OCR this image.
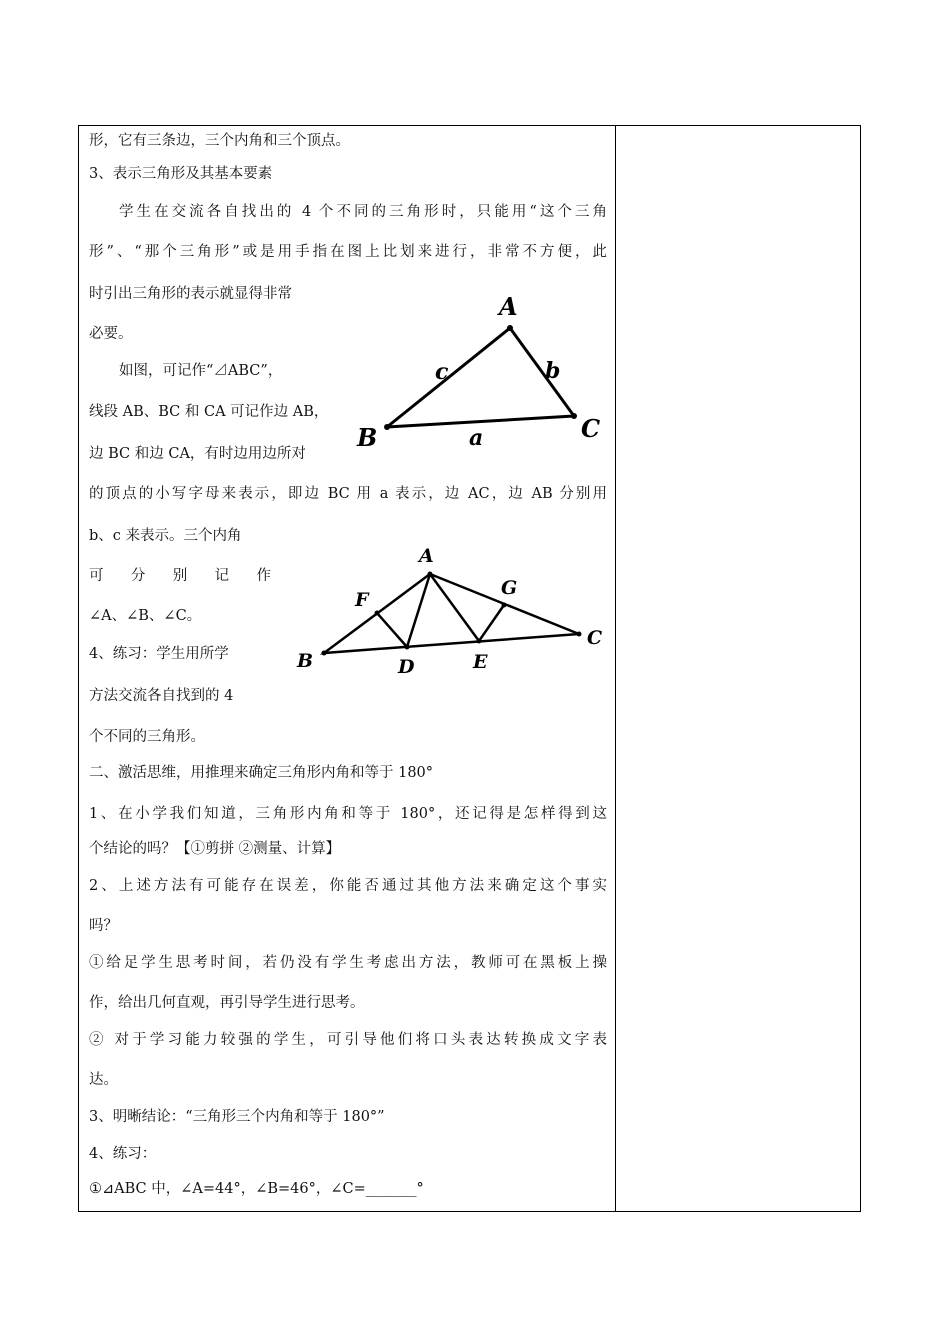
形，它有三条边，三个内角和三个顶点。
3、表示三角形及其基本要素
学生在交流各自找出的 4 个不同的三角形时，只能用“这个三角
形”、“那个三角形”或是用手指在图上比划来进行，非常不方便，此
时引出三角形的表示就显得非常
必要。
如图，可记作“⊿ABC”，
线段 AB、BC 和 CA 可记作边 AB，
边 BC 和边 CA，有时边用边所对
的顶点的小写字母来表示，即边 BC 用 a 表示，边 AC，边 AB 分别用
b、c 来表示。三个内角
可 分 别 记 作
∠A、∠B、∠C。
4、练习：学生用所学
方法交流各自找到的 4
个不同的三角形。
二、激活思维，用推理来确定三角形内角和等于 180°
1、在小学我们知道，三角形内角和等于 180°，还记得是怎样得到这
个结论的吗？【①剪拼 ②测量、计算】
2、上述方法有可能存在误差，你能否通过其他方法来确定这个事实
吗？
①给足学生思考时间，若仍没有学生考虑出方法，教师可在黑板上操
作，给出几何直观，再引导学生进行思考。
② 对于学习能力较强的学生，可引导他们将口头表达转换成文字表
达。
3、明晰结论：“三角形三个内角和等于 180°”
4、练习：
①⊿ABC 中，∠A=44°，∠B=46°，∠C=_______°
A
B	C
a
b
c
A
B
C
D	E
F
G
